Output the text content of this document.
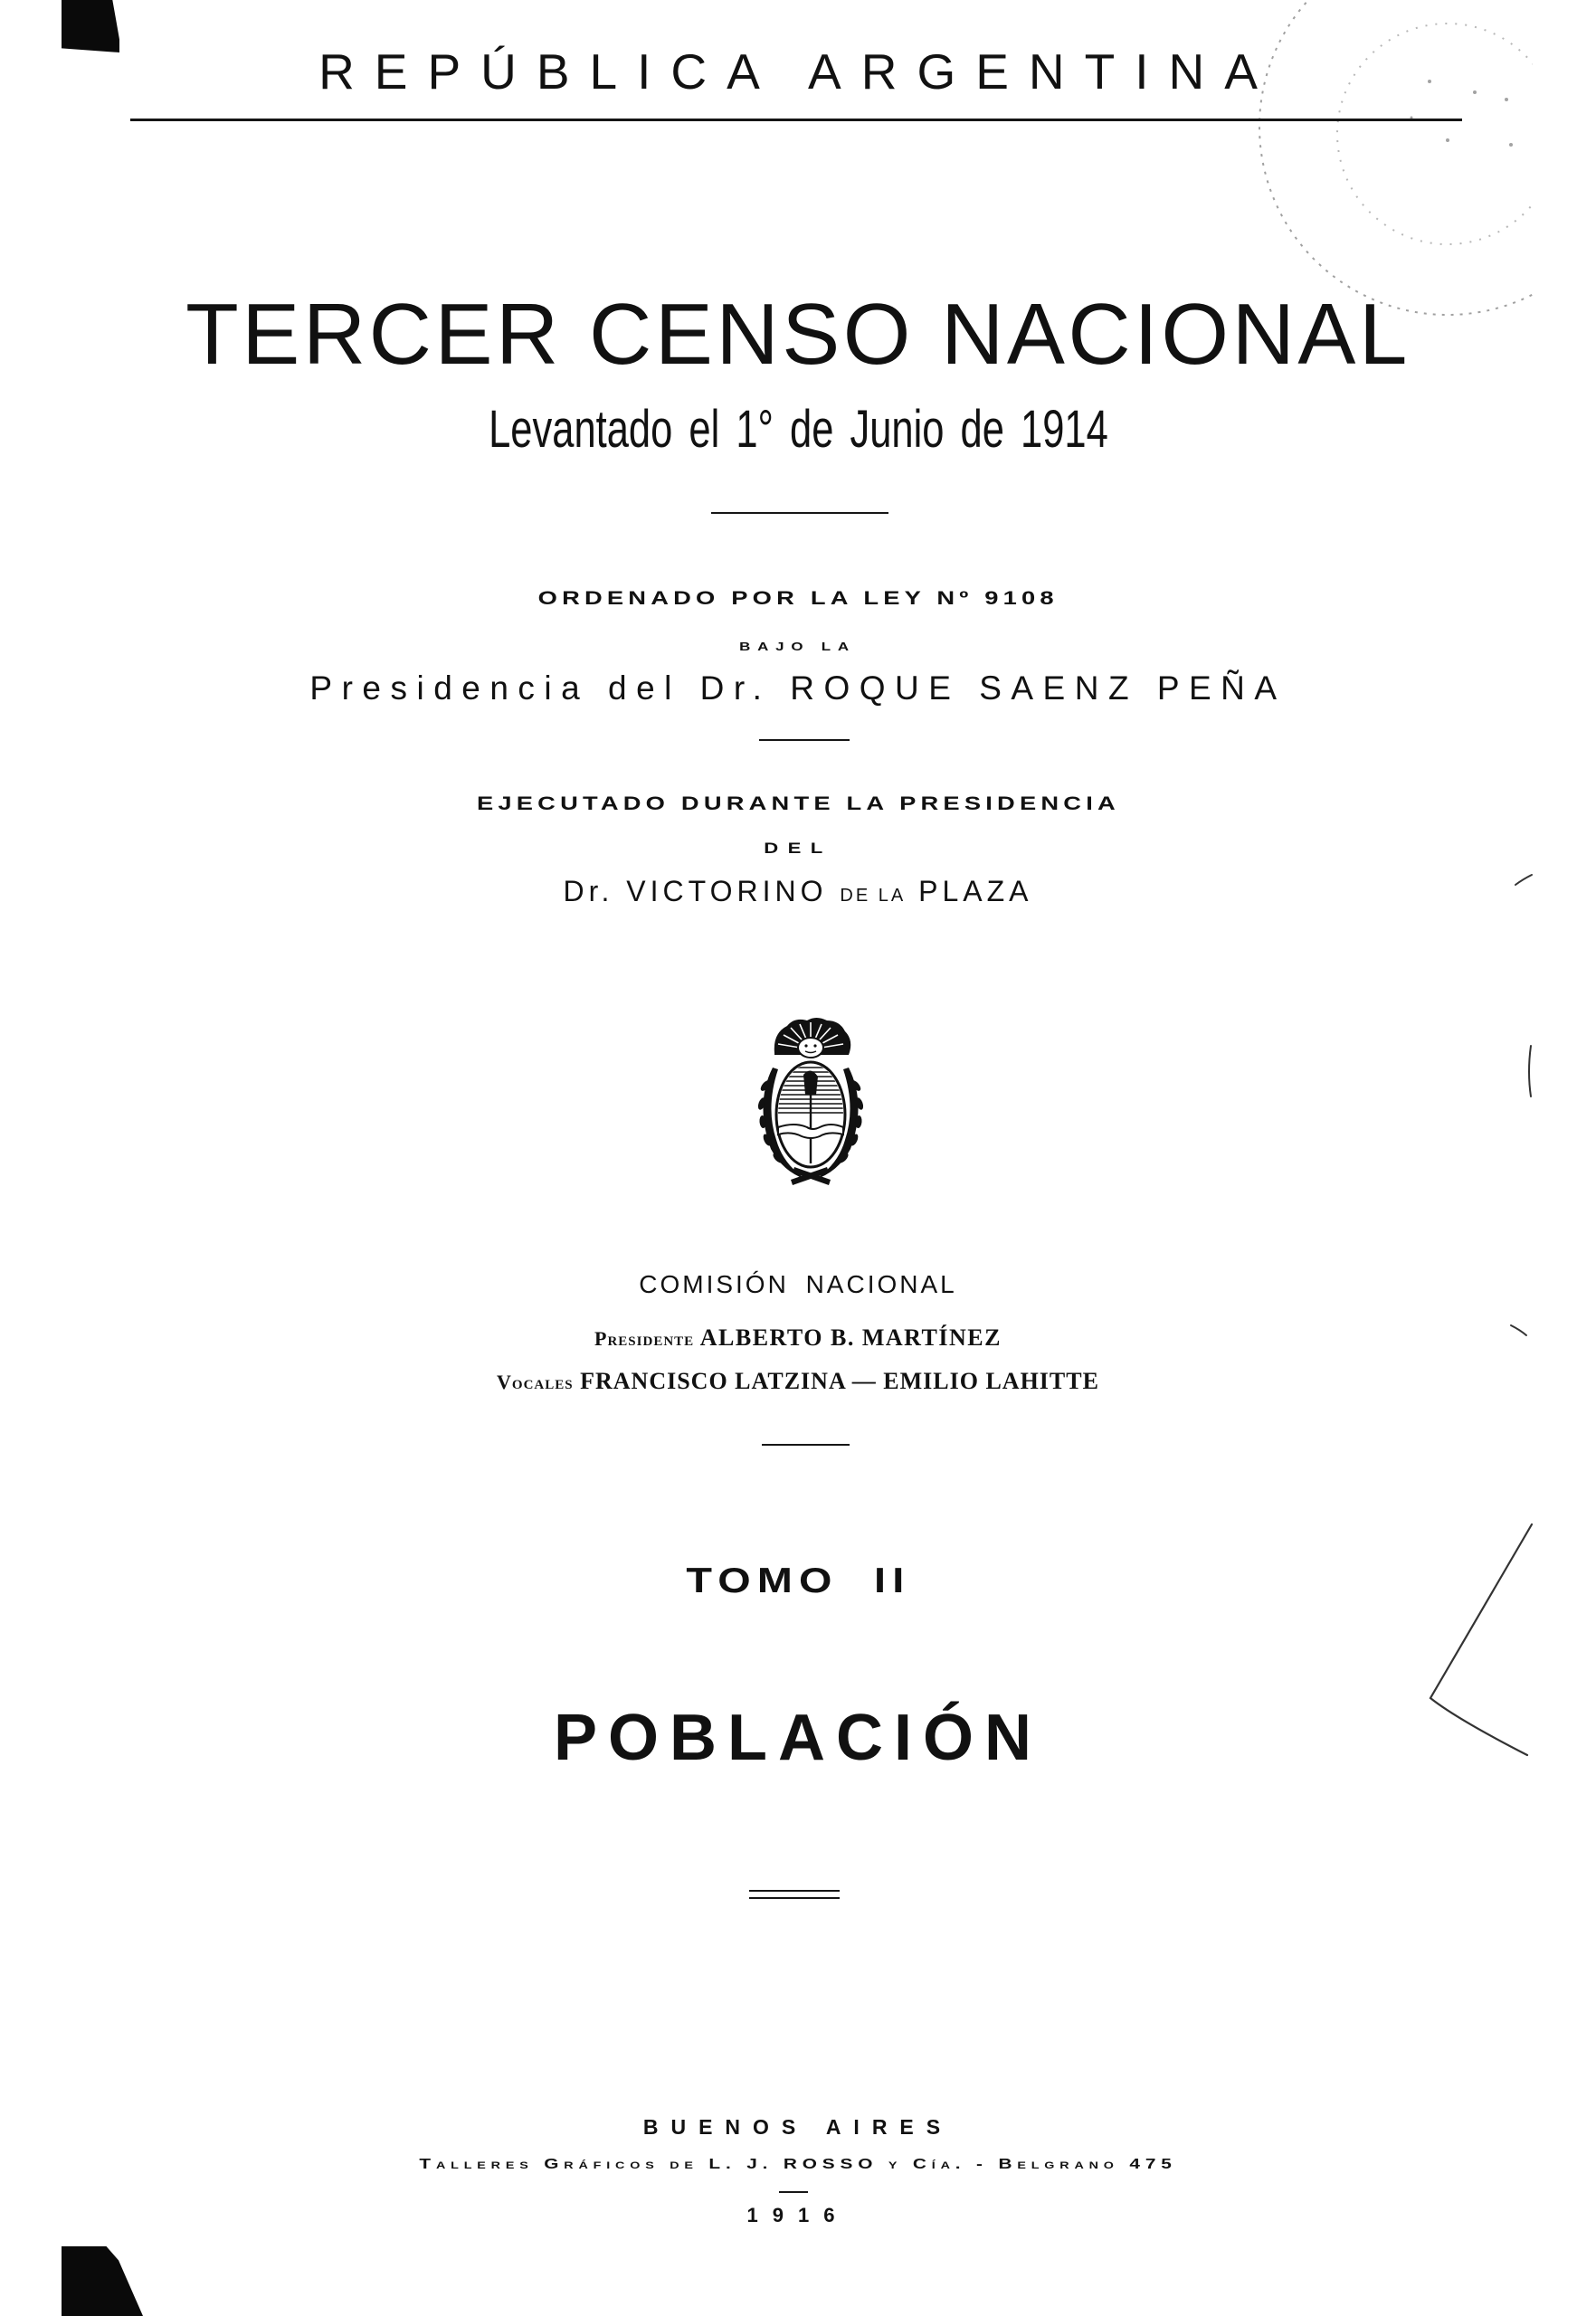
REPÚBLICA ARGENTINA
TERCER CENSO NACIONAL
Levantado el 1° de Junio de 1914
ORDENADO POR LA LEY Nº 9108
BAJO LA
Presidencia del Dr. ROQUE SAENZ PEÑA
EJECUTADO DURANTE LA PRESIDENCIA
DEL
Dr. VICTORINO DE LA PLAZA
COMISIÓN NACIONAL
Presidente ALBERTO B. MARTÍNEZ
Vocales FRANCISCO LATZINA — EMILIO LAHITTE
TOMO II
POBLACIÓN
BUENOS AIRES
Talleres Gráficos de L. J. ROSSO y Cía. - Belgrano 475
1916
